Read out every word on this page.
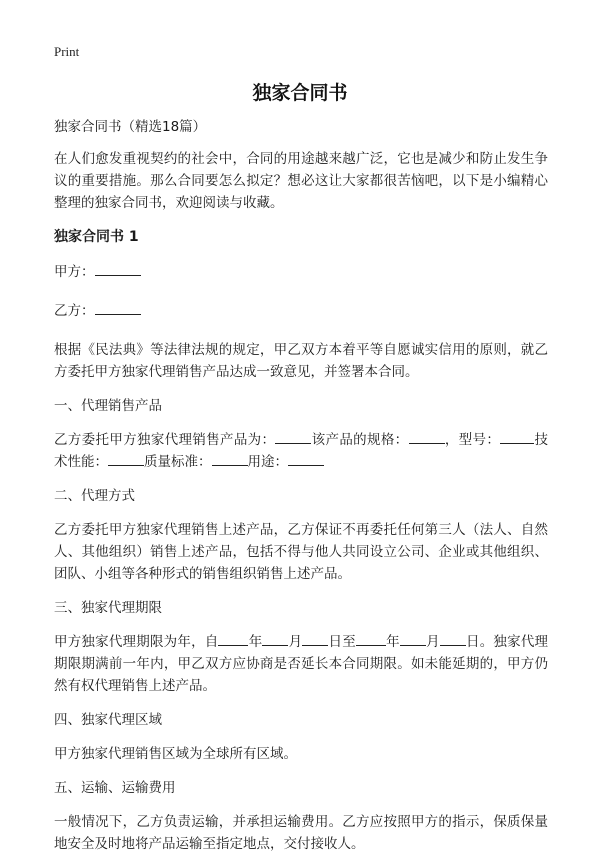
Print
独家合同书

独家合同书（精选18篇）

在人们愈发重视契约的社会中，合同的用途越来越广泛，它也是减少和防止发生争议的重要措施。那么合同要怎么拟定？想必这让大家都很苦恼吧，以下是小编精心整理的独家合同书，欢迎阅读与收藏。

独家合同书 1

甲方：

乙方：

根据《民法典》等法律法规的规定，甲乙双方本着平等自愿诚实信用的原则，就乙方委托甲方独家代理销售产品达成一致意见，并签署本合同。

一、代理销售产品

乙方委托甲方独家代理销售产品为：	该产品的规格：	，型号：	技术性能：	质量标准：	用途：

二、代理方式

乙方委托甲方独家代理销售上述产品，乙方保证不再委托任何第三人（法人、自然人、其他组织）销售上述产品，包括不得与他人共同设立公司、企业或其他组织、团队、小组等各种形式的销售组织销售上述产品。

三、独家代理期限

甲方独家代理期限为年，自 年 月 日至 年 月 日。独家代理期限期满前一年内，甲乙双方应协商是否延长本合同期限。如未能延期的，甲方仍然有权代理销售上述产品。

四、独家代理区域

甲方独家代理销售区域为全球所有区域。

五、运输、运输费用

一般情况下，乙方负责运输，并承担运输费用。乙方应按照甲方的指示，保质保量地安全及时地将产品运输至指定地点，交付接收人。
